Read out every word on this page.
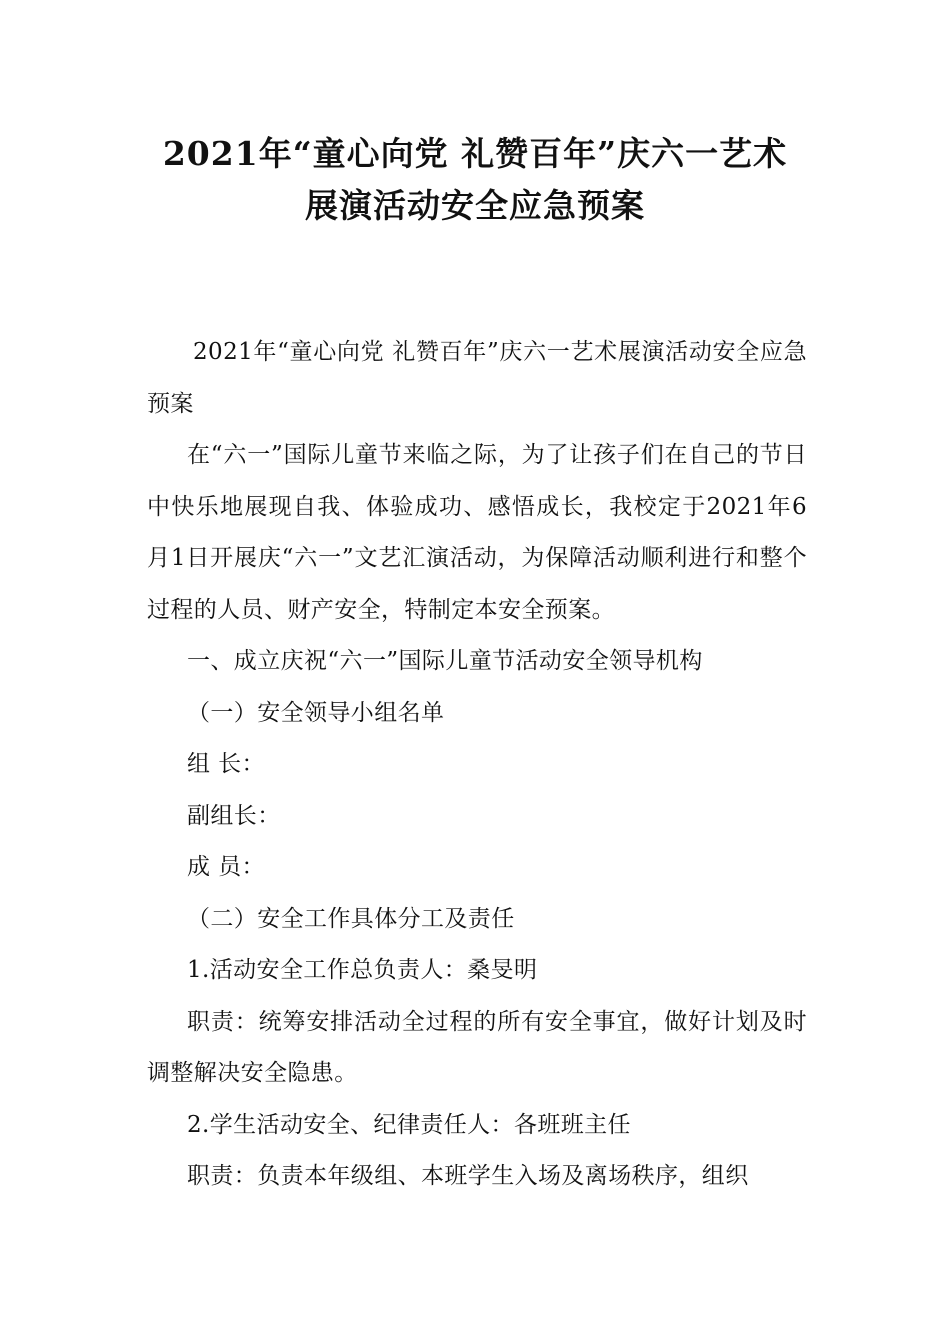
2021年“童心向党 礼赞百年”庆六一艺术
展演活动安全应急预案

2021年“童心向党 礼赞百年”庆六一艺术展演活动安全应急预案

在“六一”国际儿童节来临之际，为了让孩子们在自己的节日中快乐地展现自我、体验成功、感悟成长，我校定于2021年6月1日开展庆“六一”文艺汇演活动，为保障活动顺利进行和整个过程的人员、财产安全，特制定本安全预案。

一、成立庆祝“六一”国际儿童节活动安全领导机构

（一）安全领导小组名单

组 长：

副组长：

成 员：

（二）安全工作具体分工及责任

1.活动安全工作总负责人：桑旻明

职责：统筹安排活动全过程的所有安全事宜，做好计划及时调整解决安全隐患。

2.学生活动安全、纪律责任人：各班班主任

职责：负责本年级组、本班学生入场及离场秩序，组织
